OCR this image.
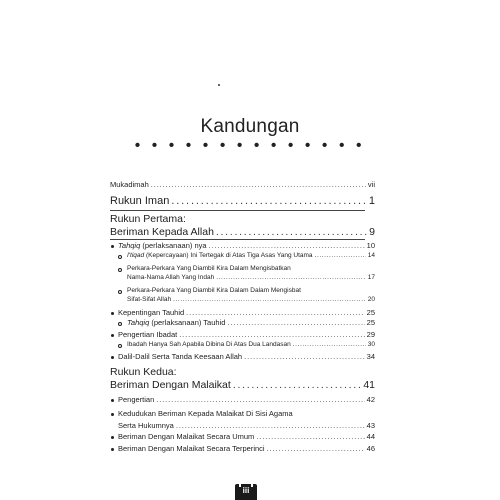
Kandungan
• • • • • • • • • • • • • •
Mukadimah . . .	vii
Rukun Iman . . .	1
Rukun Pertama:
Beriman Kepada Allah . . .	9
Tahqiq (perlaksanaan) nya . . .	10
I'tiqad (Kepercayaan) Ini Tertegak di Atas Tiga Asas Yang Utama . . .	14
Perkara-Perkara Yang Diambil Kira Dalam Mengisbatkan
Nama-Nama Allah Yang Indah . . .	17
Perkara-Perkara Yang Diambil Kira Dalam Dalam Mengisbat
Sifat-Sifat Allah . . .	20
Kepentingan Tauhid . . .	25
Tahqiq (perlaksanaan) Tauhid . . .	25
Pengertian Ibadat . . .	29
Ibadah Hanya Sah Apabila Dibina Di Atas Dua Landasan . . .	30
Dalil-Dalil Serta Tanda Keesaan Allah . . .	34
Rukun Kedua:
Beriman Dengan Malaikat . . .	41
Pengertian . . .	42
Kedudukan Beriman Kepada Malaikat Di Sisi Agama
Serta Hukumnya . . .	43
Beriman Dengan Malaikat Secara Umum . . .	44
Beriman Dengan Malaikat Secara Terperinci . . .	46
iii
